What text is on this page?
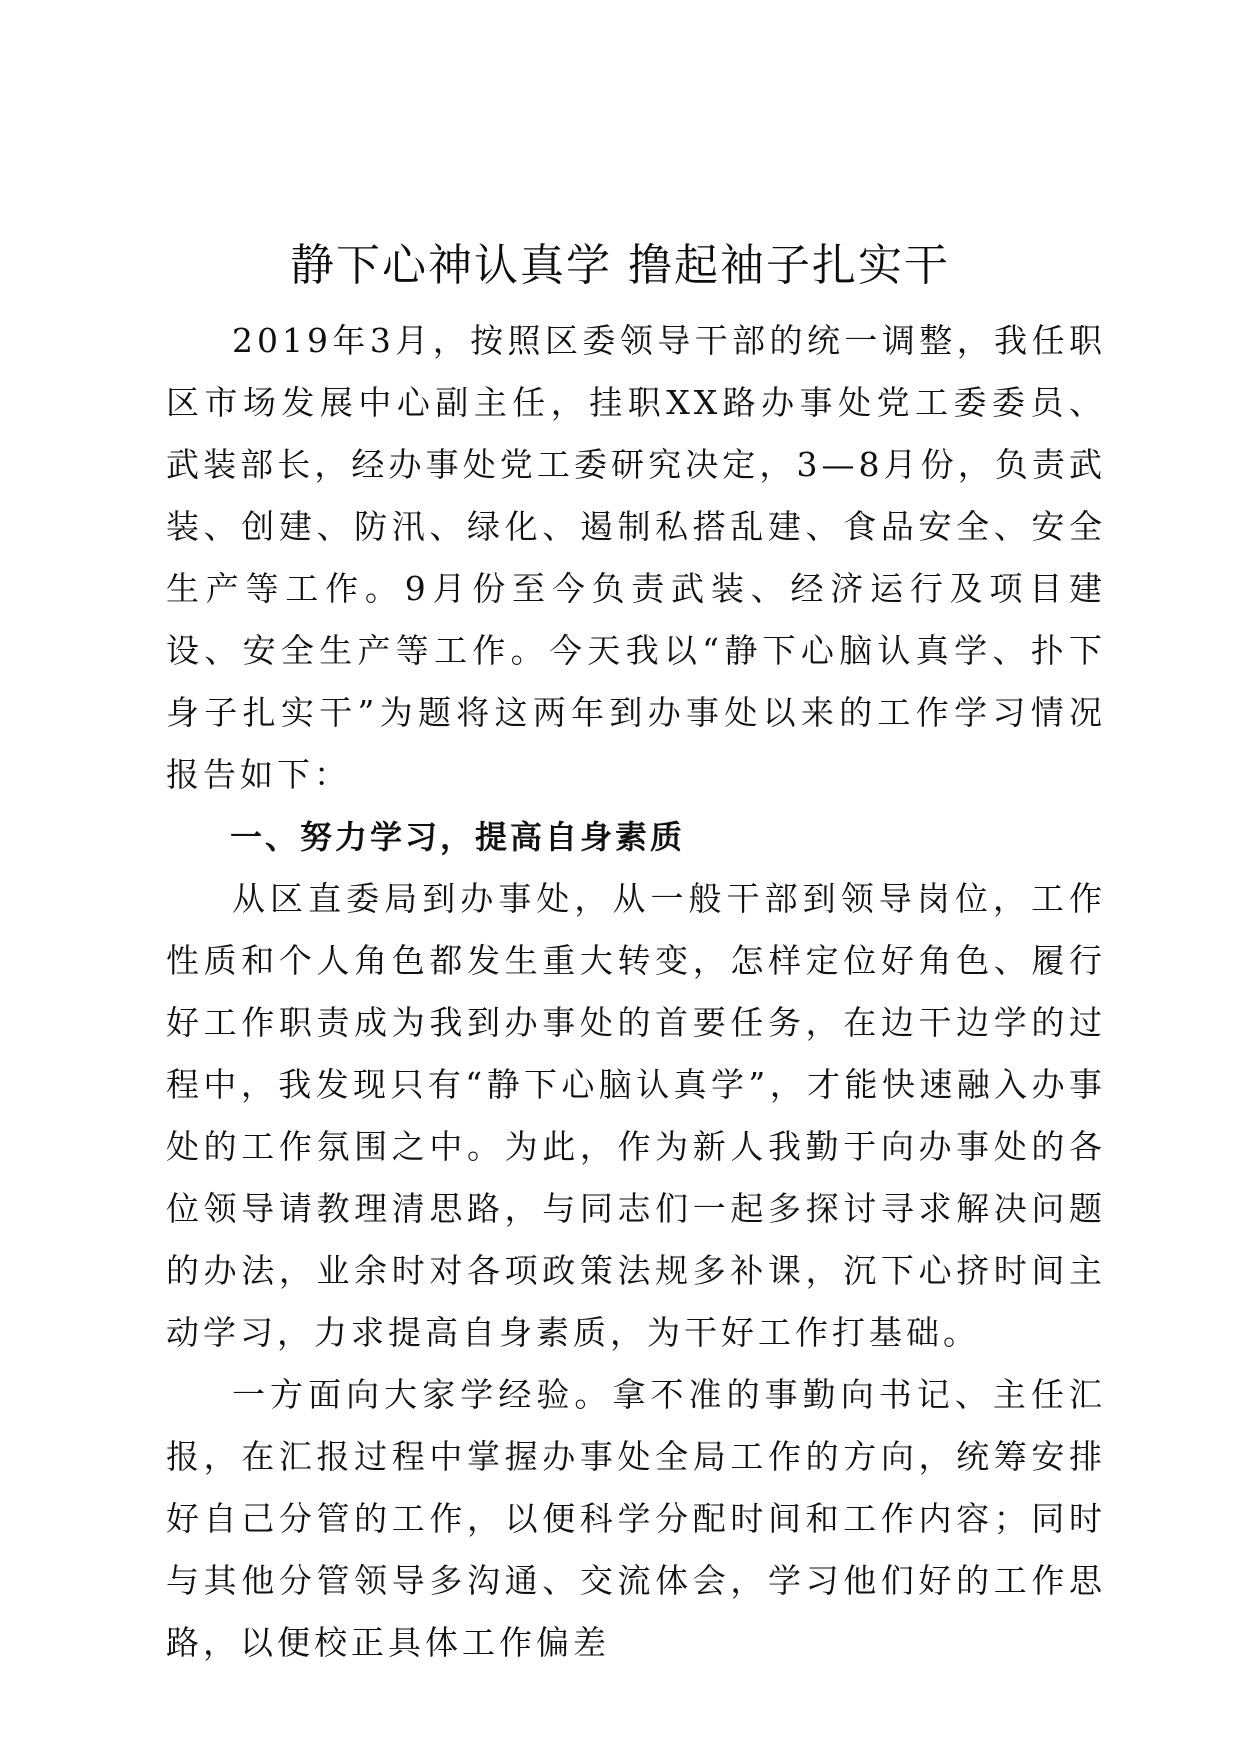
静下心神认真学 撸起袖子扎实干

2019年3月，按照区委领导干部的统一调整，我任职区市场发展中心副主任，挂职XX路办事处党工委委员、武装部长，经办事处党工委研究决定，3—8月份，负责武装、创建、防汛、绿化、遏制私搭乱建、食品安全、安全生产等工作。9月份至今负责武装、经济运行及项目建设、安全生产等工作。今天我以“静下心脑认真学、扑下身子扎实干”为题将这两年到办事处以来的工作学习情况报告如下：

一、努力学习，提高自身素质

从区直委局到办事处，从一般干部到领导岗位，工作性质和个人角色都发生重大转变，怎样定位好角色、履行好工作职责成为我到办事处的首要任务，在边干边学的过程中，我发现只有“静下心脑认真学”，才能快速融入办事处的工作氛围之中。为此，作为新人我勤于向办事处的各位领导请教理清思路，与同志们一起多探讨寻求解决问题的办法，业余时对各项政策法规多补课，沉下心挤时间主动学习，力求提高自身素质，为干好工作打基础。

一方面向大家学经验。拿不准的事勤向书记、主任汇报，在汇报过程中掌握办事处全局工作的方向，统筹安排好自己分管的工作，以便科学分配时间和工作内容；同时与其他分管领导多沟通、交流体会，学习他们好的工作思路，以便校正具体工作偏差
